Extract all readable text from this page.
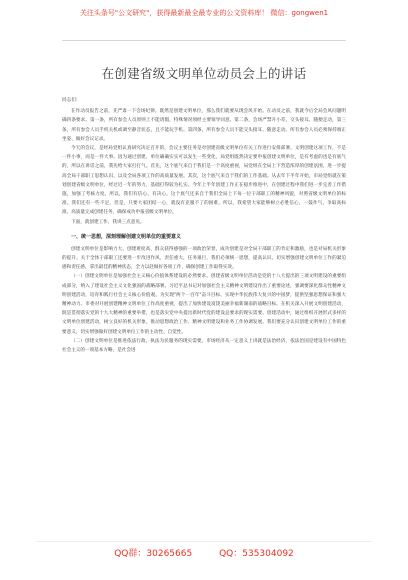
关注头条号"公文研究"，获得最新最全最专业的公文资料库！ 微信：gongwen1
在创建省级文明单位动员会上的讲话

同志们：

在作动员报告之前，先严肃一下会场纪律。既然是创建文明单位，那么我们就要从现会风开始。在动员之前，我就今后全局会风问题明确四条要求。第一条，所有参会人员原则上不能请假，特殊情况须经主要领导同意。第二条，会场严禁开小差，交头接耳，随便走动，第三条，所有参会人员手机关机或调至静音状态，且不能玩手机。第四条，所有参会人员不能交头接耳、随意走动。所有参会人员必须保持端正坐姿、做好会议记录。

今天的会议，是经局党组认真研究决定召开的，会议主要任务是对创建省级文明单位有关工作进行安排部署。文明创建这项工作，不是一件小事，而是一件大事。因为通过创建，单位确确实实可以发生一些变化，局党组既然决定要申报创建文明单位，是有考虑的也是有底气的，所以在讲话之前，我先给大家打打气。首先，这个底气来自于我们是一个高度重视，局党组在全局上下营造浓厚的创建氛围，进一步提高全局干部职工思想认识，以及全局各项工作的高质量发展。其次，这个底气来自于我们的工作基础。从去年下半年开始，市局党组就在策划创建省级文明单位，经过近一年的努力，基础打得较为扎实。今年上半年创建工作正在稳步推进中，在创建过程中我们进一步完善工作措施，加强了考核力度。所以，我们有信心、有决心。这个底气还来自于我们全局上下每一位干部职工的精神风貌，对照省级文明单位的标准，我们还有一些不足，但是，只要大家团结一心，就没有克服不了的困难。所以，我希望大家能够树立必胜信心，一鼓作气，争取高标准、高质量完成创建任务，确保成功申报省级文明单位。

下面，就创建工作，我讲三点意见。

一、统一思想，深刻理解创建文明单位的重要意义

创建文明单位是影响力大、创建难度高、群众获得感强的一项政治荣誉，成功创建是对全局干部职工的肯定和激励，也是对局机关形象的提升。关于全体干部职工还要进一步改进作风，责任重大，任务艰巨，我们必须统一思想，提高认识，切实增强创建文明单位工作的紧迫感和责任感，拿出最佳的精神状态，全力以赴做好各项工作，确保创建工作取得实效。

（一）创建文明单位是加强社会主义核心价值体系建设的必然要求。创建省级文明单位活动是党的十八大提出的三项文明建设的重要组成部分，纳入了建设社会主义文化强国的战略部署。习近平总书记对加强社会主义精神文明建设作出了重要论述，强调要深化群众性精神文明创建活动，培育和践行社会主义核心价值观。为实现"两个一百年"奋斗目标、实现中华民族伟大复兴的中国梦，提供坚强思想保证和强大精神动力。市委对开展创建精神文明单位工作高度重视，提出了加快建设富饶美丽幸福新湖南的战略目标。在机关深入开展文明创建活动，既是贯彻落实党的十九大精神的重要举措，也是落实党中央提出新时代党的建设总要求的现实需要。创建活动中，通过组织开展形式多样的文明单位创建活动，树立良好的机关形象，推动思想政治工作、精神文明建设和业务工作协调发展。我们要充分认识创建文明单位工作的重要意义，切实增强做好创建文明单位工作的主动性、自觉性。

（二）创建文明单位是推进依法行政、执法为民服务的现实需要。市场经济从一定意义上讲就是法治经济，依法治国是建设有中国特色社会主义的一项基本方略，是社会进

QQ群：30265665	QQ：535304092
